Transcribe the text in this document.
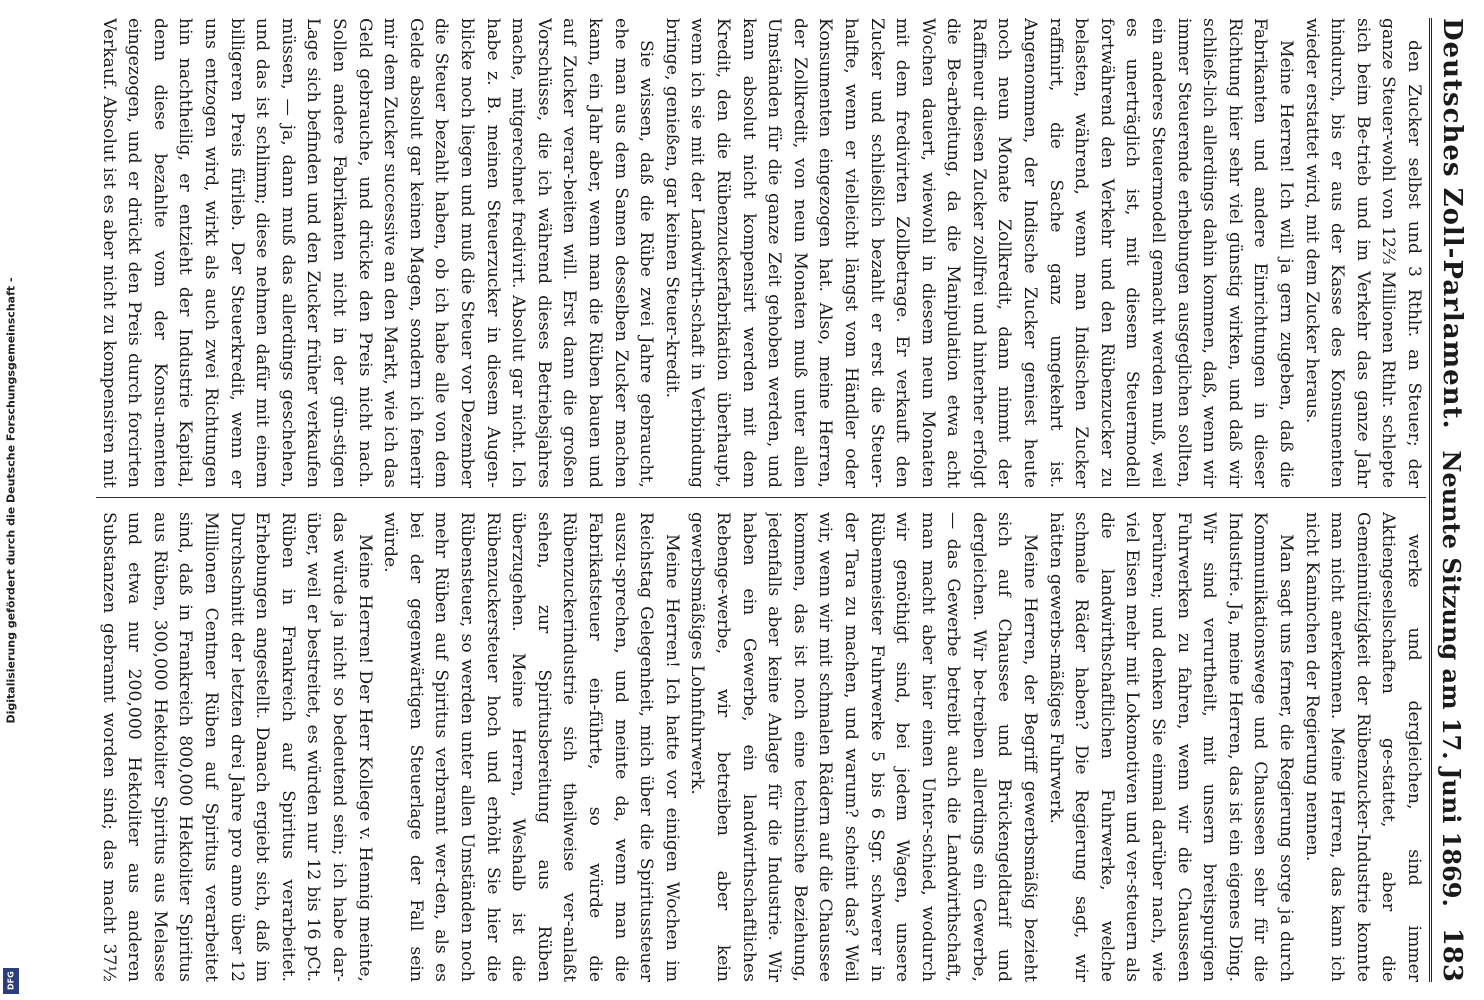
Digitalisierung gefördert durch die Deutsche Forschungsgemeinschaft -
DFG
Deutsches Zoll-Parlament.
Neunte Sitzung am 17. Juni 1869.
183

den Zucker selbst und 3 Rthlr. an Steuer; der ganze Steuer-wohl von 12⅔ Millionen Rthlr. schlepte sich beim Be-trieb und im Verkehr das ganze Jahr hindurch, bis er aus der Kasse des Konsumenten wieder erstattet wird, mit dem Zucker heraus.

Meine Herren! Ich will ja gern zugeben, daß die Fabrikanten und andere Einrichtungen in dieser Richtung hier sehr viel günstig wirken, und daß wir schließ-lich allerdings dahin kommen, daß, wenn wir immer Steuerende erhebungen ausgeglichen sollten, ein anderes Steuermodell gemacht werden muß, weil es unerträglich ist, mit diesem Steuermodell fortwährend den Verkehr und den Rübenzucker zu belasten, während, wenn man Indischen Zucker raffinirt, die Sache ganz umgekehrt ist. Angenommen, der Indische Zucker geniest heute noch neun Monate Zollkredit, dann nimmt der Raffineur diesen Zucker zollfrei und hinterher erfolgt die Be-arbeitung, da die Manipulation etwa acht Wochen dauert, wiewohl in diesem neun Monaten mit dem fredivirten Zollbetrage. Er verkauft den Zucker und schließlich bezahlt er erst die Steuer-halfte, wenn er vielleicht längst vom Händler oder Konsumenten eingezogen hat. Also, meine Herren, der Zollkredit, von neun Monaten muß unter allen Umständen für die ganze Zeit gehoben werden, und kann absolut nicht kompensirt werden mit dem Kredit, den die Rübenzuckerfabrikation überhaupt, wenn ich sie mit der Landwirth-schaft in Verbindung bringe, genießen, gar keinen Steuer-kredit.

Sie wissen, daß die Rübe zwei Jahre gebraucht, ehe man aus dem Samen desselben Zucker machen kann, ein Jahr aber, wenn man die Rüben bauen und auf Zucker verar-beiten will. Erst dann die großen Vorschüsse, die ich während dieses Betriebsjahres mache, mitgerechnet fredivirt. Absolut gar nicht. Ich habe z. B. meinen Steuerzucker in diesem Augen-blicke noch liegen und muß die Steuer vor Dezember die Steuer bezahlt haben, ob ich habe alle von dem Gelde absolut gar keinen Magen, sondern ich fenerir mir dem Zucker successive an den Markt, wie ich das Geld gebrauche, und drücke den Preis nicht nach. Sollen andere Fabrikanten nicht in der gün-stigen Lage sich befinden und den Zucker früher verkaufen müssen, — ja, dann muß das allerdings geschehen, und das ist schlimm; diese nehmen dafür mit einem billigeren Preis fürlieb. Der Steuerkredit, wenn er uns entzogen wird, wirkt als auch zwei Richtungen hin nachtheilig, er entzieht der Industrie Kapital, denn diese bezahlte vom der Konsu-menten eingezogen, und er drückt den Preis durch forcirten Verkauf. Absolut ist es aber nicht zu kompensiren mit

werke und dergleichen, sind immer Aktiengesellschaften ge-stattet, aber die Gemeinnützigkeit der Rübenzucker-Industrie konnte man nicht anerkennen. Meine Herren, das kann ich nicht Kaninchen der Regierung nennen.

Man sagt uns ferner, die Regierung sorge ja durch Kommunikationswege und Chausseen sehr für die Industrie. Ja, meine Herren, das ist ein eigenes Ding. Wir sind verurtheilt, mit unsern breitspurigen Fuhrwerken zu fahren, wenn wir die Chausseen berühren; und denken Sie einmal darüber nach, wie viel Eisen mehr mit Lokomotiven und ver-steuern als die landwirthschaftlichen Fuhrwerke, welche schmale Räder haben? Die Regierung sagt, wir hätten gewerbs-mäßiges Fuhrwerk.

Meine Herren, der Begriff gewerbsmäßig bezieht sich auf Chaussee und Brückengeldtarif und dergleichen. Wir be-treiben allerdings ein Gewerbe, — das Gewerbe betreibt auch die Landwirthschaft, man macht aber hier einen Unter-schied, wodurch wir genöthigt sind, bei jedem Wagen, unsere Rübenmeister Fuhrwerke 5 bis 6 Sgr. schwerer in der Tara zu machen, und warum? scheint das? Weil wir, wenn wir mit schmalen Rädern auf die Chaussee kommen, das ist noch eine technische Beziehung, jedenfalls aber keine Anlage für die Industrie. Wir haben ein Gewerbe, ein landwirthschaftliches Rebenge-werbe, wir betreiben aber kein gewerbsmäßiges Lohnfuhrwerk.

Meine Herren! Ich hatte vor einigen Wochen im Reichstag Gelegenheit, mich über die Spiritussteuer auszu-sprechen, und meinte da, wenn man die Fabrikatsteuer ein-führte, so würde die Rübenzuckerindustrie sich theilweise ver-anlaßt sehen, zur Spiritusbereitung aus Rüben überzugehen. Meine Herren, Weshalb ist die Rübenzuckersteuer hoch und erhöht Sie hier die Rübensteuer, so werden unter allen Umständen noch mehr Rüben auf Spiritus verbrannt wer-den, als es bei der gegenwärtigen Steuerlage der Fall sein würde.

Meine Herren! Der Herr Kollege v. Hennig meinte, das würde ja nicht so bedeutend sein; ich habe dar-über, weil er bestreitet, es würden nur 12 bis 16 pCt. Rüben in Frankreich auf Spiritus verarbeitet. Erhebungen angestellt. Danach ergiebt sich, daß im Durchschnitt der letzten drei Jahre pro anno über 12 Millionen Centner Rüben auf Spiritus verarbeitet sind, daß in Frankreich 800,000 Hektoliter Spiritus aus Rüben, 300,000 Hektoliter Spiritus aus Melasse und etwa nur 200,000 Hektoliter aus anderen Substanzen gebrannt worden sind; das macht 37½
